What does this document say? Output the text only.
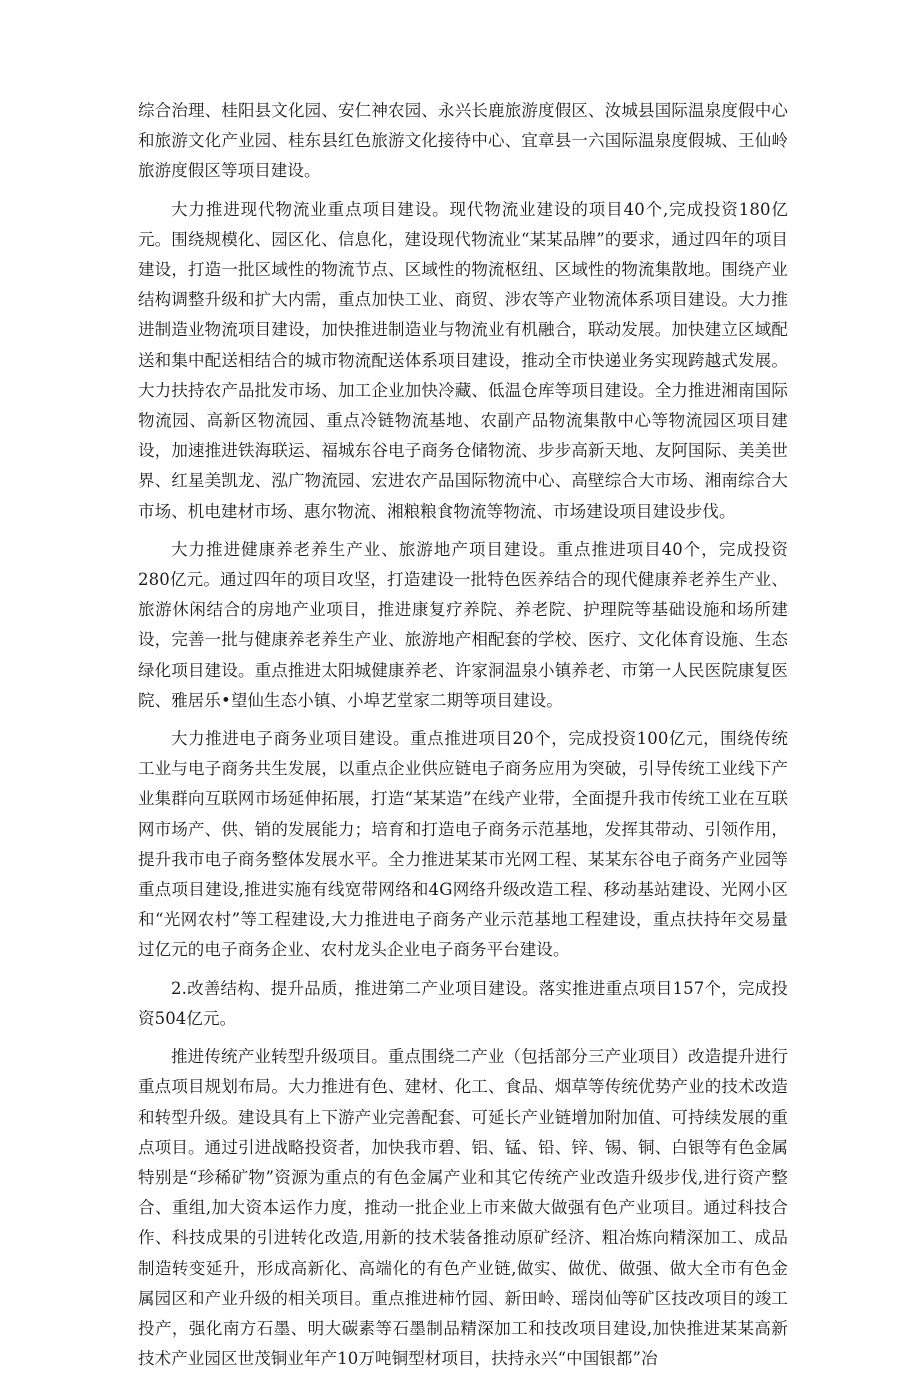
综合治理、桂阳县文化园、安仁神农园、永兴长鹿旅游度假区、汝城县国际温泉度假中心和旅游文化产业园、桂东县红色旅游文化接待中心、宜章县一六国际温泉度假城、王仙岭旅游度假区等项目建设。

大力推进现代物流业重点项目建设。现代物流业建设的项目40个,完成投资180亿元。围绕规模化、园区化、信息化，建设现代物流业“某某品牌”的要求，通过四年的项目建设，打造一批区域性的物流节点、区域性的物流枢纽、区域性的物流集散地。围绕产业结构调整升级和扩大内需，重点加快工业、商贸、涉农等产业物流体系项目建设。大力推进制造业物流项目建设，加快推进制造业与物流业有机融合，联动发展。加快建立区域配送和集中配送相结合的城市物流配送体系项目建设，推动全市快递业务实现跨越式发展。大力扶持农产品批发市场、加工企业加快冷藏、低温仓库等项目建设。全力推进湘南国际物流园、高新区物流园、重点冷链物流基地、农副产品物流集散中心等物流园区项目建设，加速推进铁海联运、福城东谷电子商务仓储物流、步步高新天地、友阿国际、美美世界、红星美凯龙、泓广物流园、宏进农产品国际物流中心、高壁综合大市场、湘南综合大市场、机电建材市场、惠尔物流、湘粮粮食物流等物流、市场建设项目建设步伐。

大力推进健康养老养生产业、旅游地产项目建设。重点推进项目40个，完成投资280亿元。通过四年的项目攻坚，打造建设一批特色医养结合的现代健康养老养生产业、旅游休闲结合的房地产业项目，推进康复疗养院、养老院、护理院等基础设施和场所建设，完善一批与健康养老养生产业、旅游地产相配套的学校、医疗、文化体育设施、生态绿化项目建设。重点推进太阳城健康养老、许家洞温泉小镇养老、市第一人民医院康复医院、雅居乐•望仙生态小镇、小埠艺堂家二期等项目建设。

大力推进电子商务业项目建设。重点推进项目20个，完成投资100亿元，围绕传统工业与电子商务共生发展，以重点企业供应链电子商务应用为突破，引导传统工业线下产业集群向互联网市场延伸拓展，打造“某某造”在线产业带，全面提升我市传统工业在互联网市场产、供、销的发展能力；培育和打造电子商务示范基地，发挥其带动、引领作用，提升我市电子商务整体发展水平。全力推进某某市光网工程、某某东谷电子商务产业园等重点项目建设,推进实施有线宽带网络和4G网络升级改造工程、移动基站建设、光网小区和“光网农村”等工程建设,大力推进电子商务产业示范基地工程建设，重点扶持年交易量过亿元的电子商务企业、农村龙头企业电子商务平台建设。

2.改善结构、提升品质，推进第二产业项目建设。落实推进重点项目157个，完成投资504亿元。

推进传统产业转型升级项目。重点围绕二产业（包括部分三产业项目）改造提升进行重点项目规划布局。大力推进有色、建材、化工、食品、烟草等传统优势产业的技术改造和转型升级。建设具有上下游产业完善配套、可延长产业链增加附加值、可持续发展的重点项目。通过引进战略投资者，加快我市碧、铝、锰、铅、锌、锡、铜、白银等有色金属特别是“珍稀矿物”资源为重点的有色金属产业和其它传统产业改造升级步伐,进行资产整合、重组,加大资本运作力度，推动一批企业上市来做大做强有色产业项目。通过科技合作、科技成果的引进转化改造,用新的技术装备推动原矿经济、粗冶炼向精深加工、成品制造转变延升，形成高新化、高端化的有色产业链,做实、做优、做强、做大全市有色金属园区和产业升级的相关项目。重点推进柿竹园、新田岭、瑶岗仙等矿区技改项目的竣工投产，强化南方石墨、明大碳素等石墨制品精深加工和技改项目建设,加快推进某某高新技术产业园区世茂铜业年产10万吨铜型材项目，扶持永兴“中国银都”冶
